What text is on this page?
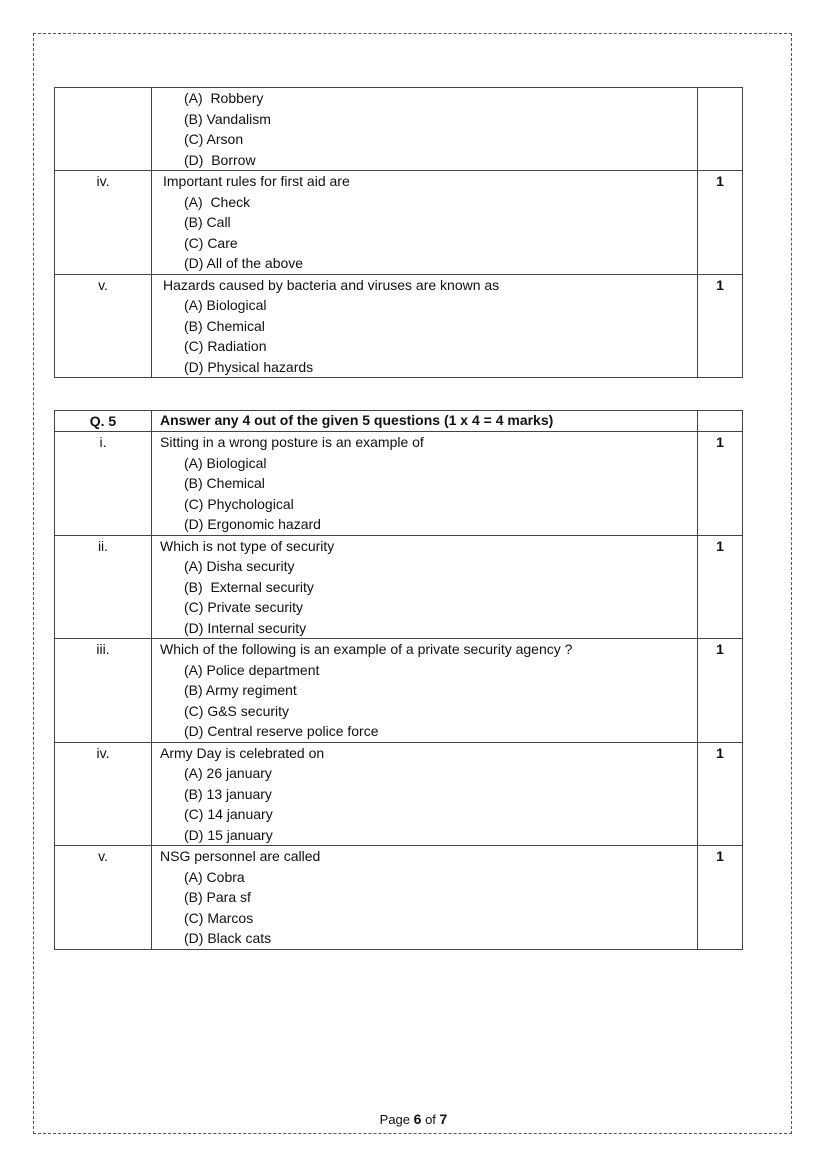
	(A)  Robbery
(B) Vandalism
(C) Arson
(D)  Borrow	

iv.	Important rules for first aid are
(A)  Check
(B) Call
(C) Care
(D) All of the above	1
v.	Hazards caused by bacteria and viruses are known as
(A) Biological
(B) Chemical
(C) Radiation
(D) Physical hazards	1
Q. 5	Answer any 4 out of the given 5 questions (1 x 4 = 4 marks)	

i.	Sitting in a wrong posture is an example of
(A) Biological
(B) Chemical
(C) Phychological
(D) Ergonomic hazard	1
ii.	Which is not type of security
(A) Disha security
(B)  External security
(C) Private security
(D) Internal security	1
iii.	Which of the following is an example of a private security agency ?
(A) Police department
(B) Army regiment
(C) G&S security
(D) Central reserve police force	1
iv.	Army Day is celebrated on
(A) 26 january
(B) 13 january
(C) 14 january
(D) 15 january	1
v.	NSG personnel are called
(A) Cobra
(B) Para sf
(C) Marcos
(D) Black cats	1
Page 6 of 7
